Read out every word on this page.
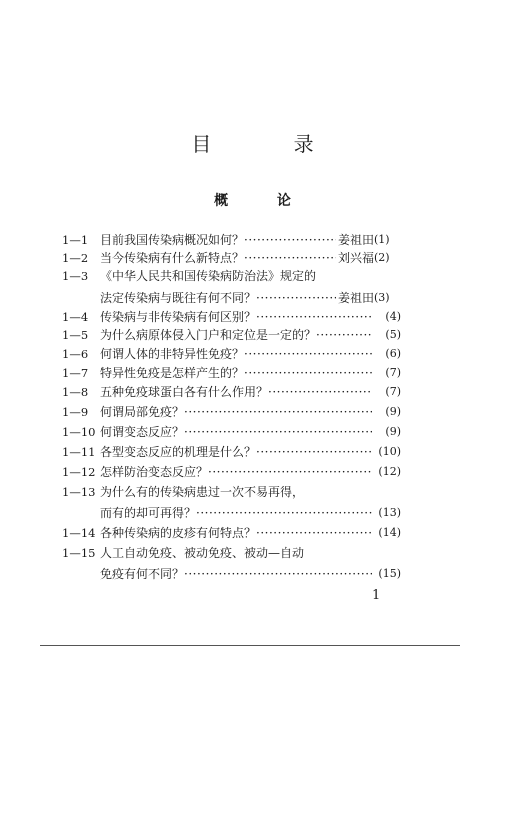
目 录
概 论
1—1 目前我国传染病概况如何？ ·····	姜祖田 (1)
1—2 当今传染病有什么新特点？ ·····	刘兴福 (2)
1—3 《中华人民共和国传染病防治法》规定的
法定传染病与既往有何不同？ ·····	姜祖田 (3)
1—4 传染病与非传染病有何区别？ ·····	(4)
1—5 为什么病原体侵入门户和定位是一定的？ ·····	(5)
1—6 何谓人体的非特异性免疫？ ·····	(6)
1—7 特异性免疫是怎样产生的？ ·····	(7)
1—8 五种免疫球蛋白各有什么作用？ ·····	(7)
1—9 何谓局部免疫？ ·····	(9)
1—10 何谓变态反应？ ·····	(9)
1—11 各型变态反应的机理是什么？ ·····	(10)
1—12 怎样防治变态反应？ ·····	(12)
1—13 为什么有的传染病患过一次不易再得，
而有的却可再得？ ·····	(13)
1—14 各种传染病的皮疹有何特点？ ·····	(14)
1—15 人工自动免疫、被动免疫、被动—自动
免疫有何不同？ ·····	(15)
1
